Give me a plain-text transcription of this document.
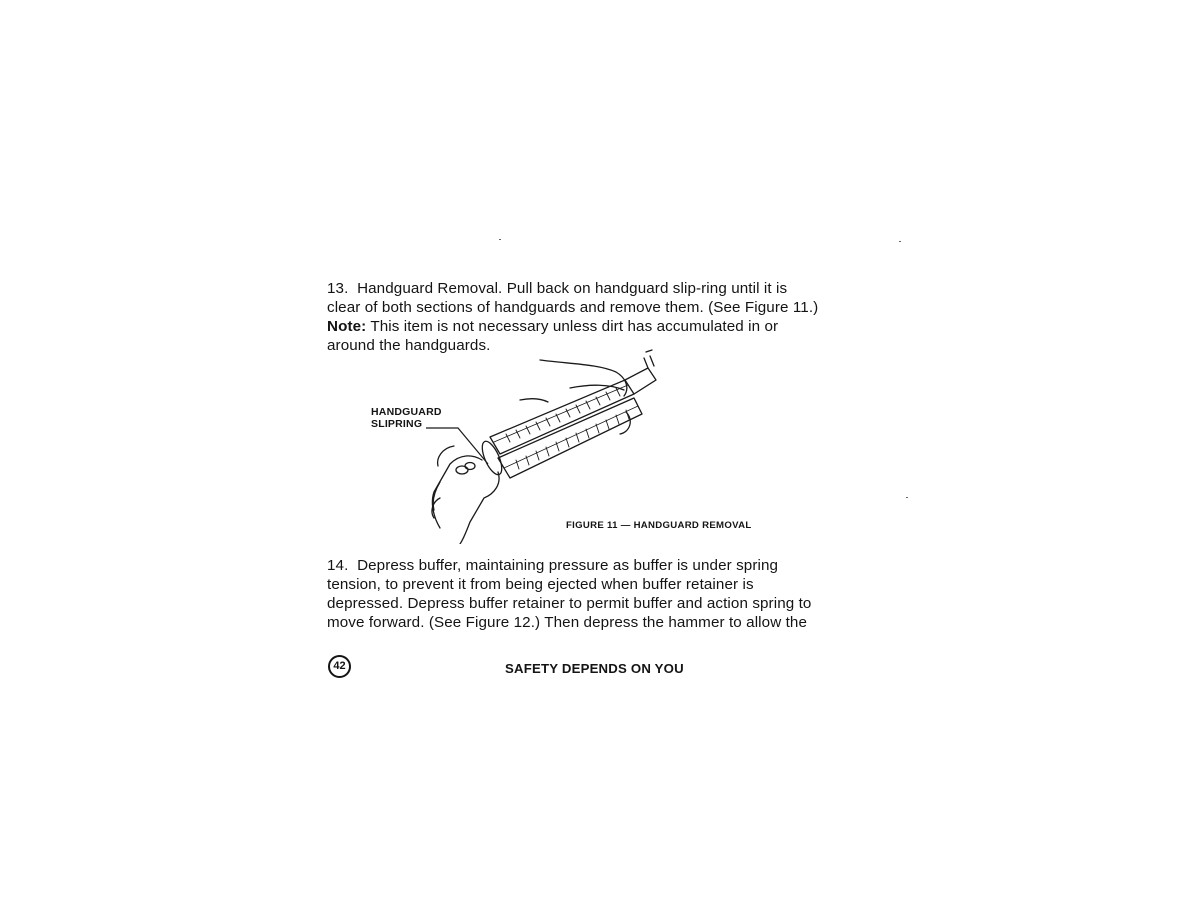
13. Handguard Removal. Pull back on handguard slip-ring until it is
clear of both sections of handguards and remove them. (See Figure 11.)

Note: This item is not necessary unless dirt has accumulated in or
around the handguards.

HANDGUARD
SLIPRING
FIGURE 11 — HANDGUARD REMOVAL

14. Depress buffer, maintaining pressure as buffer is under spring
tension, to prevent it from being ejected when buffer retainer is
depressed. Depress buffer retainer to permit buffer and action spring to
move forward. (See Figure 12.) Then depress the hammer to allow the

42	SAFETY DEPENDS ON YOU
